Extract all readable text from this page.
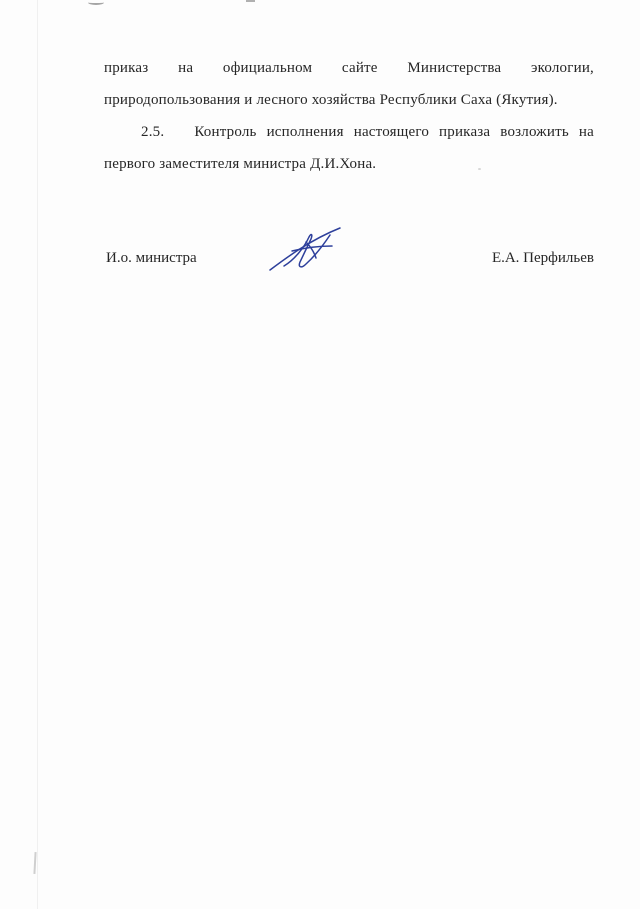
приказ на официальном сайте Министерства экологии, природопользования и лесного хозяйства Республики Саха (Якутия).

2.5.   Контроль исполнения настоящего приказа возложить на первого заместителя министра Д.И.Хона.

И.о. министра	Е.А. Перфильев
